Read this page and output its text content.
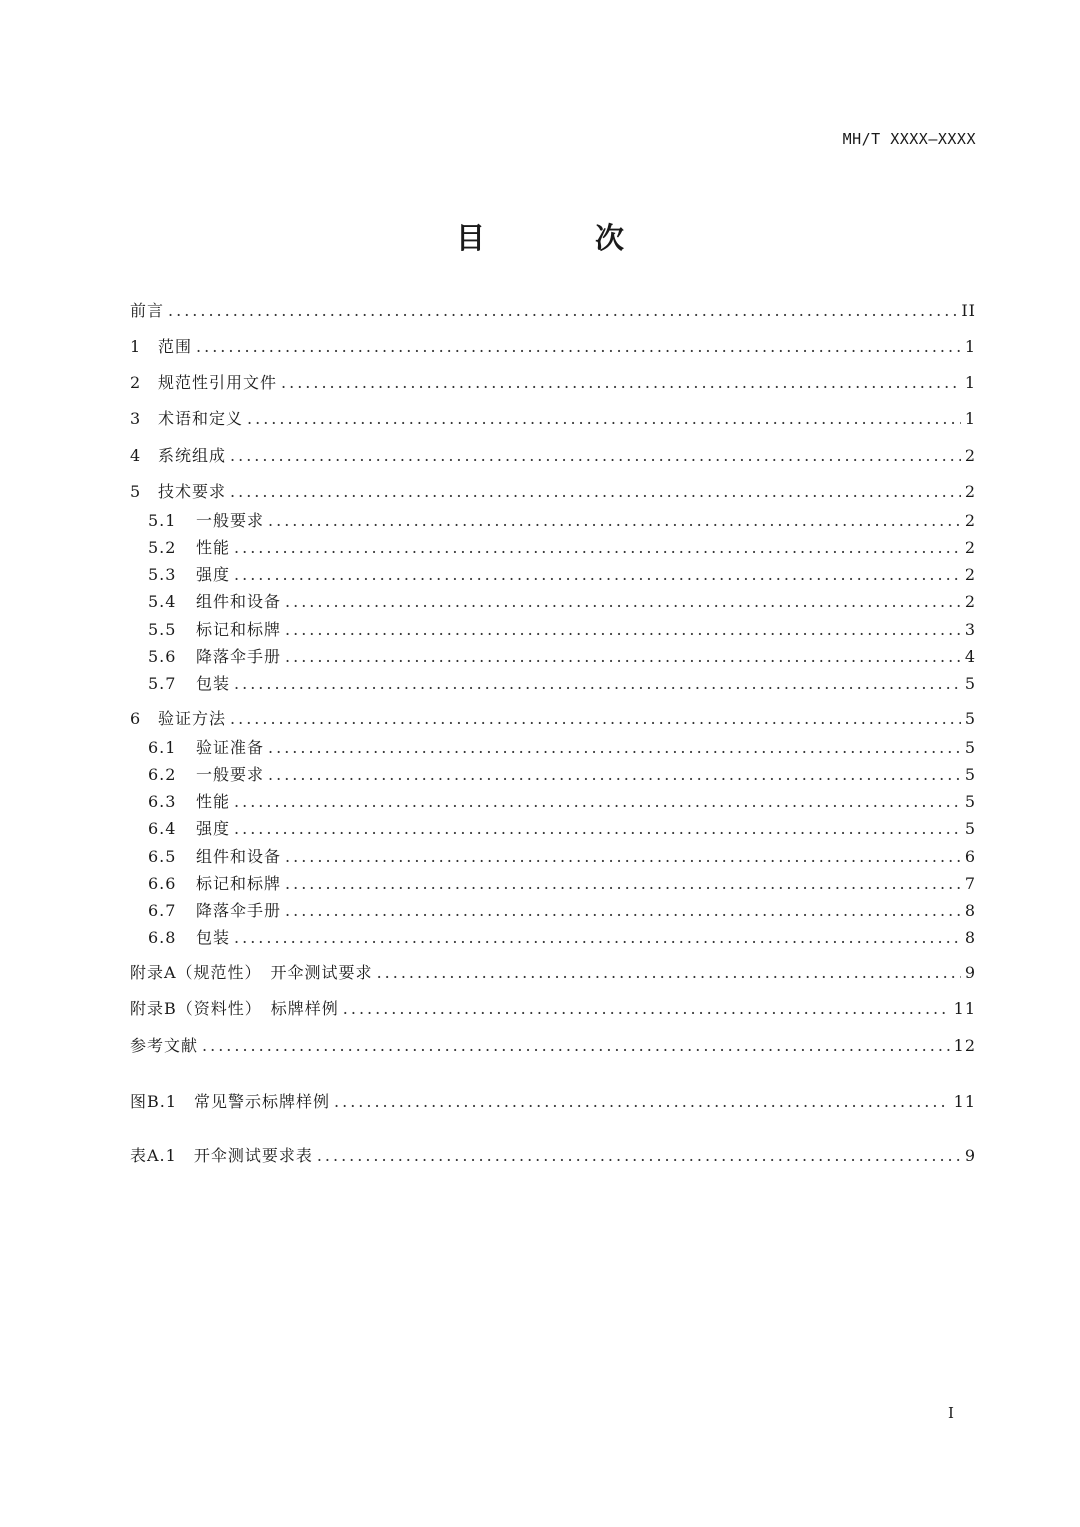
MH/T XXXX—XXXX
目 次
前言 .....	II
1	范围 .....	1
2	规范性引用文件 .....	1
3	术语和定义 .....	1
4	系统组成 .....	2
5	技术要求 .....	2
5.1	一般要求 .....	2
5.2	性能 .....	2
5.3	强度 .....	2
5.4	组件和设备 .....	2
5.5	标记和标牌 .....	3
5.6	降落伞手册 .....	4
5.7	包装 .....	5
6	验证方法 .....	5
6.1	验证准备 .....	5
6.2	一般要求 .....	5
6.3	性能 .....	5
6.4	强度 .....	5
6.5	组件和设备 .....	6
6.6	标记和标牌 .....	7
6.7	降落伞手册 .....	8
6.8	包装 .....	8
附录A（规范性）　开伞测试要求 .....	9
附录B（资料性）　标牌样例 .....	11
参考文献 .....	12
图B.1　常见警示标牌样例 .....	11
表A.1　开伞测试要求表 .....	9
I
